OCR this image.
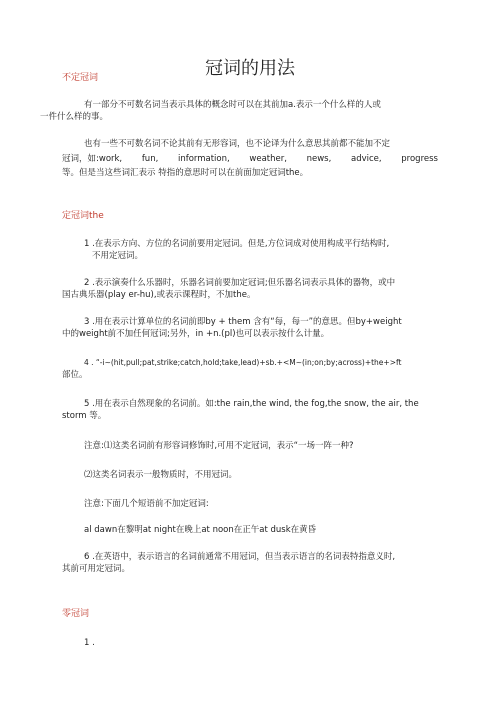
冠词的用法
不定冠词

有一部分不可数名词当表示具体的概念时可以在其前加a.表示一个什么样的人或
一件什么样的事。

也有一些不可数名词不论其前有无形容词，也不论译为什么意思其前都不能加不定

冠词，如:work, fun, information, weather, news, advice, progress

等。但是当这些词汇表示 特指的意思时可以在前面加定冠词the。

定冠词the

1 .在表示方向、方位的名词前要用定冠词。但是,方位词成对使用构成平行结构时,
不用定冠词。

2 .表示演奏什么乐器时，乐器名词前要加定冠词;但乐器名词表示具体的器物，或中
国古典乐器(play er-hu),或表示课程时，不加the。

3 .用在表示计算单位的名词前即by + them 含有“每，每一”的意思。但by+weight
中的weight前不加任何冠词;另外，in +n.(pl)也可以表示按什么计量。

4 . “-i~(hit,pull;pat,strike;catch,hold;take,lead)+sb.+<M~(in;on;by;across)+the+>ft
部位。

5 .用在表示自然现象的名词前。如:the rain,the wind, the fog,the snow, the air, the
storm 等。

注意:⑴这类名词前有形容词修饰时,可用不定冠词，表示“一场一阵一种?

⑵这类名词表示一般物质时，不用冠词。

注意:下面几个短语前不加定冠词:

al dawn在黎明at night在晚上at noon在正午at dusk在黄昏

6 .在英语中，表示语言的名词前通常不用冠词，但当表示语言的名词表特指意义时,
其前可用定冠词。

零冠词

1 .
